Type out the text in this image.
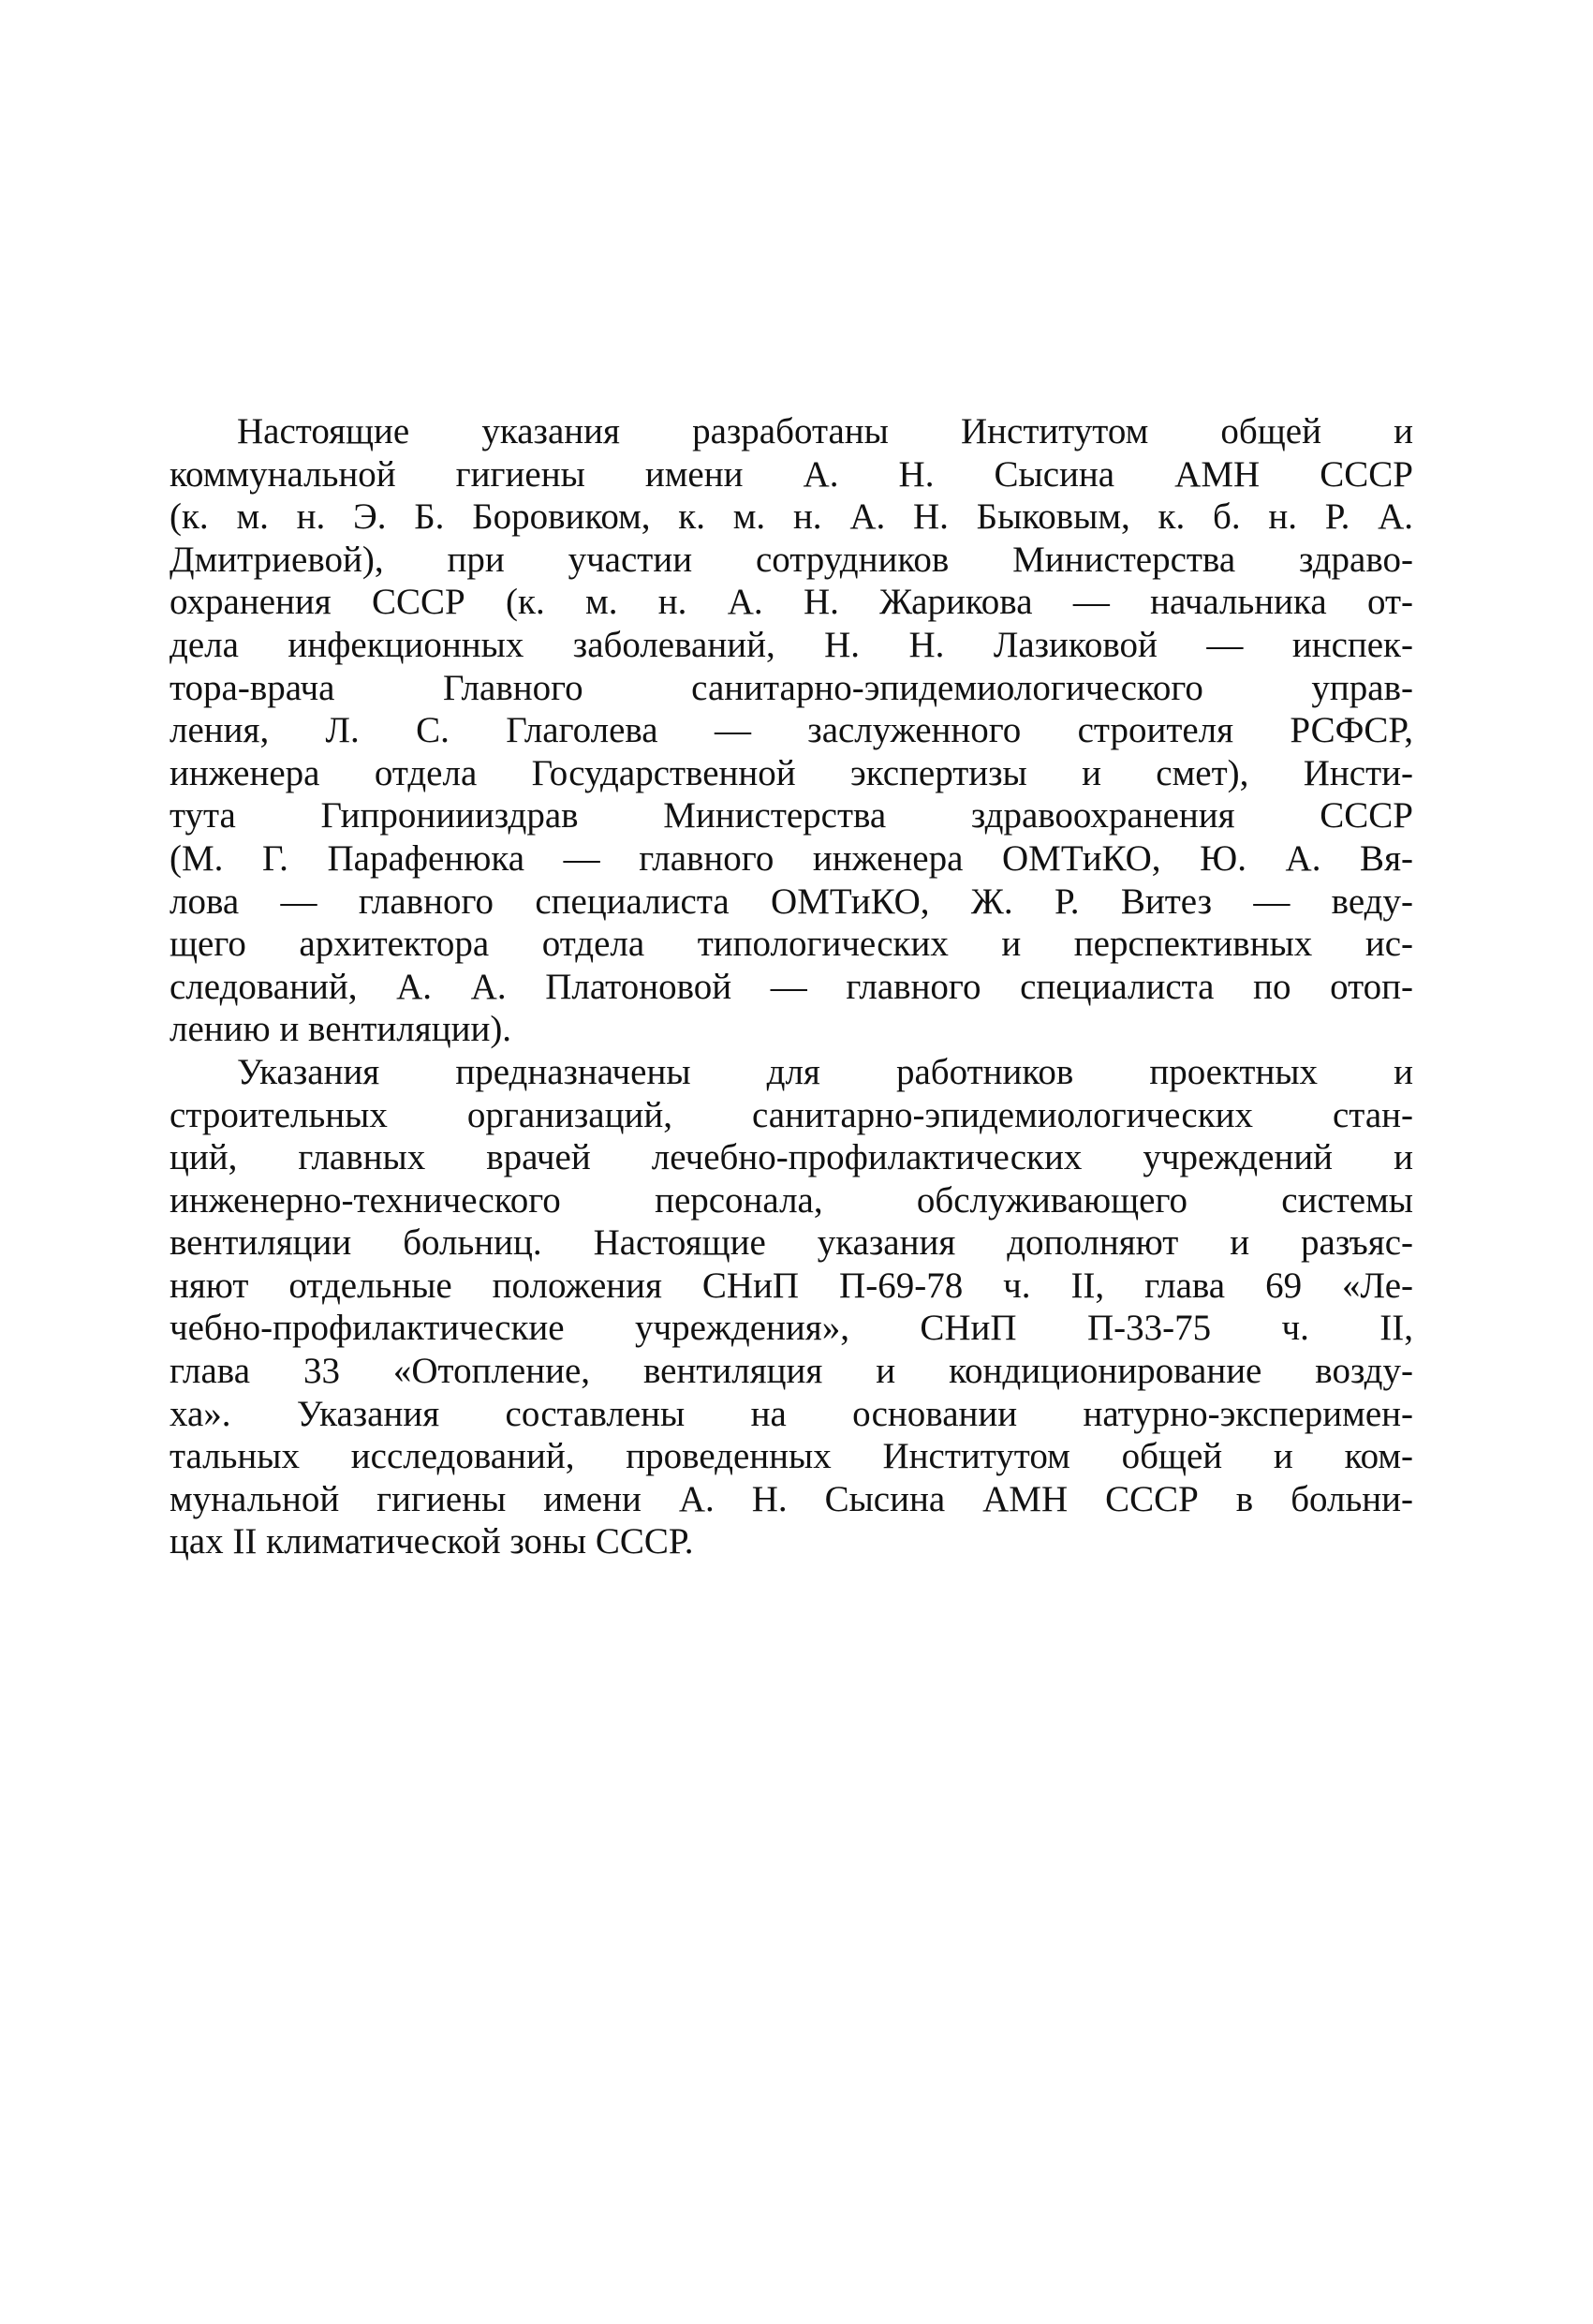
Настоящие указания разработаны Институтом общей и
коммунальной гигиены имени А. Н. Сысина АМН СССР
(к. м. н. Э. Б. Боровиком, к. м. н. А. Н. Быковым, к. б. н. Р. А.
Дмитриевой), при участии сотрудников Министерства здраво-
охранения СССР (к. м. н. А. Н. Жарикова — начальника от-
дела инфекционных заболеваний, Н. Н. Лазиковой — инспек-
тора-врача Главного санитарно-эпидемиологического управ-
ления, Л. С. Глаголева — заслуженного строителя РСФСР,
инженера отдела Государственной экспертизы и смет), Инсти-
тута Гипрониииздрав Министерства здравоохранения СССР
(М. Г. Парафенюка — главного инженера ОМТиКО, Ю. А. Вя-
лова — главного специалиста ОМТиКО, Ж. Р. Витез — веду-
щего архитектора отдела типологических и перспективных ис-
следований, А. А. Платоновой — главного специалиста по отоп-
лению и вентиляции).
Указания предназначены для работников проектных и
строительных организаций, санитарно-эпидемиологических стан-
ций, главных врачей лечебно-профилактических учреждений и
инженерно-технического персонала, обслуживающего системы
вентиляции больниц. Настоящие указания дополняют и разъяс-
няют отдельные положения СНиП П-69-78 ч. II, глава 69 «Ле-
чебно-профилактические учреждения», СНиП П-33-75 ч. II,
глава 33 «Отопление, вентиляция и кондиционирование возду-
ха». Указания составлены на основании натурно-эксперимен-
тальных исследований, проведенных Институтом общей и ком-
мунальной гигиены имени А. Н. Сысина АМН СССР в больни-
цах II климатической зоны СССР.
